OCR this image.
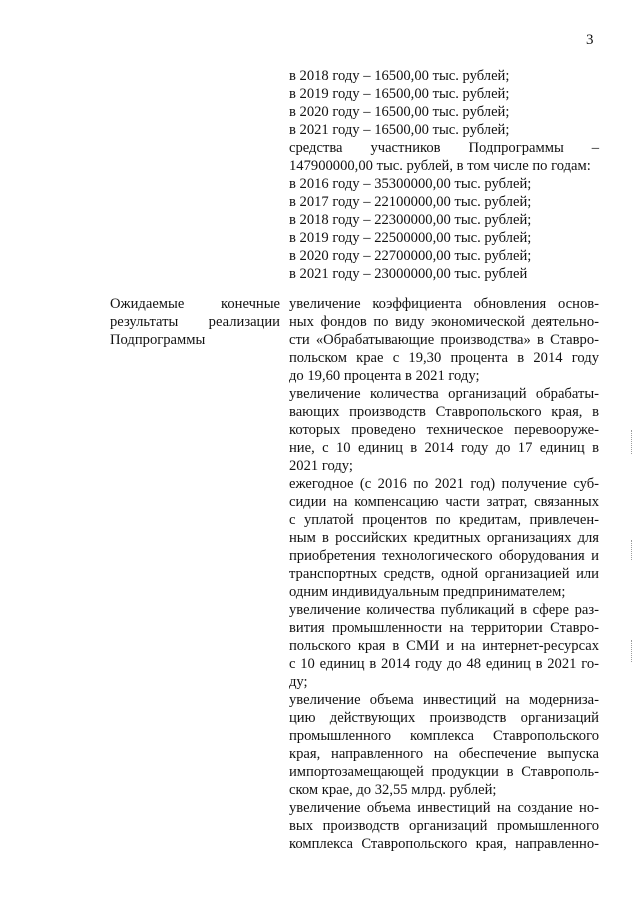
3
в 2018 году – 16500,00 тыс. рублей;
в 2019 году – 16500,00 тыс. рублей;
в 2020 году – 16500,00 тыс. рублей;
в 2021 году – 16500,00 тыс. рублей;
средства участников Подпрограммы –
147900000,00 тыс. рублей, в том числе по годам:
в 2016 году – 35300000,00 тыс. рублей;
в 2017 году – 22100000,00 тыс. рублей;
в 2018 году – 22300000,00 тыс. рублей;
в 2019 году – 22500000,00 тыс. рублей;
в 2020 году – 22700000,00 тыс. рублей;
в 2021 году – 23000000,00 тыс. рублей
Ожидаемые конечные
результаты реализации
Подпрограммы
увеличение коэффициента обновления основ-
ных фондов по виду экономической деятельно-
сти «Обрабатывающие производства» в Ставро-
польском крае с 19,30 процента в 2014 году
до 19,60 процента в 2021 году;
увеличение количества организаций обрабаты-
вающих производств Ставропольского края, в
которых проведено техническое перевооруже-
ние, с 10 единиц в 2014 году до 17 единиц в
2021 году;
ежегодное (с 2016 по 2021 год) получение суб-
сидии на компенсацию части затрат, связанных
с уплатой процентов по кредитам, привлечен-
ным в российских кредитных организациях для
приобретения технологического оборудования и
транспортных средств, одной организацией или
одним индивидуальным предпринимателем;
увеличение количества публикаций в сфере раз-
вития промышленности на территории Ставро-
польского края в СМИ и на интернет-ресурсах
с 10 единиц в 2014 году до 48 единиц в 2021 го-
ду;
увеличение объема инвестиций на модерниза-
цию действующих производств организаций
промышленного комплекса Ставропольского
края, направленного на обеспечение выпуска
импортозамещающей продукции в Ставрополь-
ском крае, до 32,55 млрд. рублей;
увеличение объема инвестиций на создание но-
вых производств организаций промышленного
комплекса Ставропольского края, направленно-
